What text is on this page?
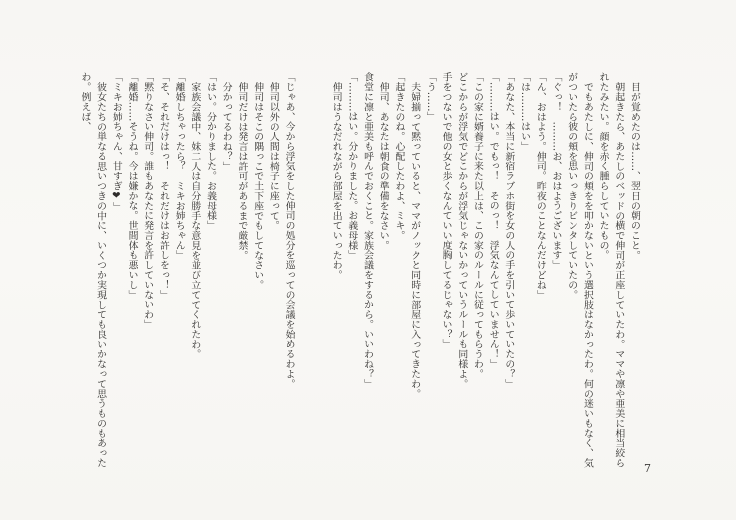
目が覚めたのは……、翌日の朝のこと。
朝起きたら、あたしのベッドの横で伸司が正座していたわ。ママや凛や亜美に相当絞ら
れたみたい。顔を赤く腫らしていたもの。
でもあたしに、伸司の頬をを叩かないという選択肢はなかったわ。何の迷いもなく、気
がついたら彼の頬を思いっきりビンタしていたの。
「ぐっ！　………お、おはようございます」
「ん、おはよう。伸司。昨夜のことなんだけどね」
「は………はい」
「あなた、本当に新宿ラブホ街を女の人の手を引いて歩いていたの？」
「………はい。でもっ！　そのっ！　浮気なんてしていません！」
「この家に婿養子に来た以上は、この家のルールに従ってもらうわ。
どこからが浮気でどこからが浮気じゃないかっていうルールも同様よ。
手をつないで他の女と歩くなんていい度胸してるじゃない？」
「う……」
夫婦揃って黙っていると、ママがノックと同時に部屋に入ってきたわ。
「起きたのね。心配したわよ、ミキ。
伸司、あなたは朝食の準備をなさい。
食堂に凛と亜美も呼んでおくこと。家族会議をするから。いいわね？」
「………はい。分かりました。お義母様」
伸司はうなだれながら部屋を出ていったわ。
「じゃあ、今から浮気をした伸司の処分を巡っての会議を始めるわよ。
伸司以外の人間は椅子に座って。
伸司はそこの隅っこで土下座でもしてなさい。
伸司だけは発言は許可があるまで厳禁。
分かってるわね？」
「はい。分かりました。お義母様」
家族会議中、妹二人は自分勝手な意見を並び立ててくれたわ。
「離婚しちゃったら？　ミキお姉ちゃん」
「そ、それだけはっ！　それだけはお許しをっ！」
「黙りなさい伸司。誰もあなたに発言を許していないわ」
「離婚……そうね。今は嫌かな。世間体も悪いし」
「ミキお姉ちゃん、甘すぎ❤」
彼女たちの単なる思いつきの中に、いくつか実現しても良いかなって思うものもあった
わ。例えば、
7
